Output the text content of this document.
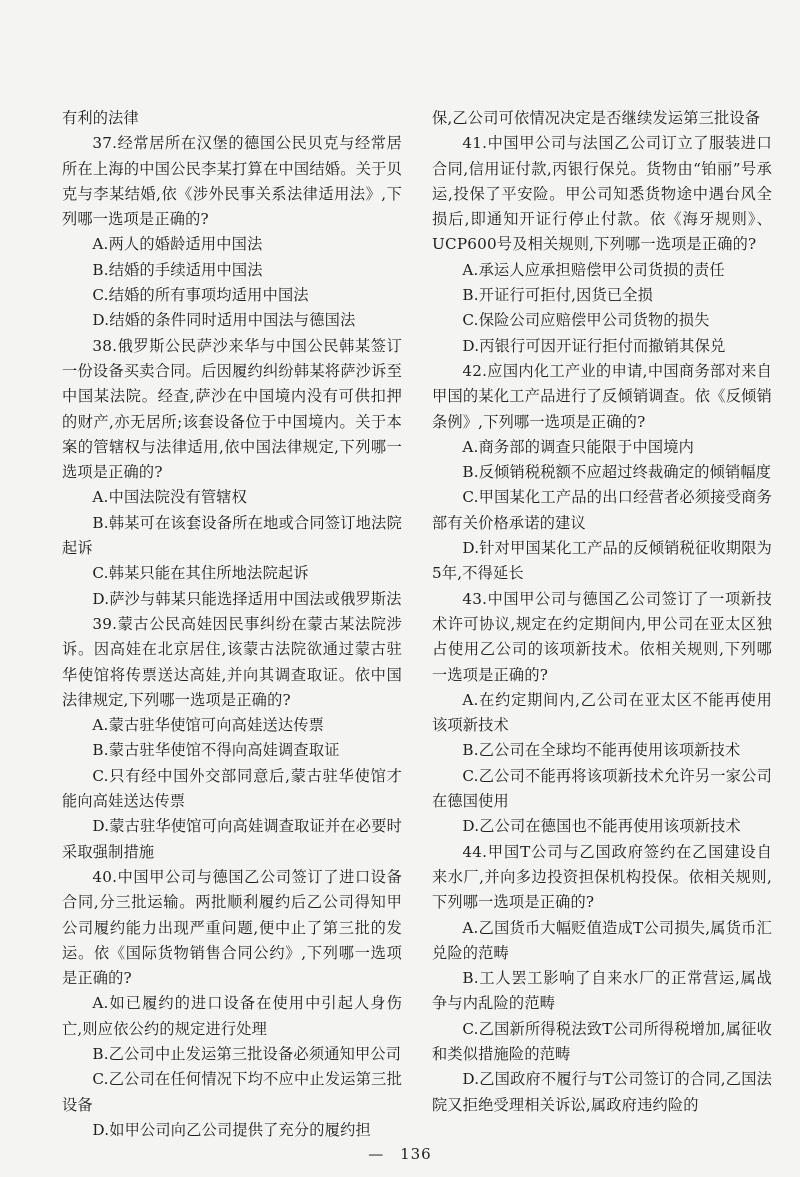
有利的法律

37.经常居所在汉堡的德国公民贝克与经常居所在上海的中国公民李某打算在中国结婚。关于贝克与李某结婚,依《涉外民事关系法律适用法》,下列哪一选项是正确的?

A.两人的婚龄适用中国法

B.结婚的手续适用中国法

C.结婚的所有事项均适用中国法

D.结婚的条件同时适用中国法与德国法

38.俄罗斯公民萨沙来华与中国公民韩某签订一份设备买卖合同。后因履约纠纷韩某将萨沙诉至中国某法院。经查,萨沙在中国境内没有可供扣押的财产,亦无居所;该套设备位于中国境内。关于本案的管辖权与法律适用,依中国法律规定,下列哪一选项是正确的?

A.中国法院没有管辖权

B.韩某可在该套设备所在地或合同签订地法院起诉

C.韩某只能在其住所地法院起诉

D.萨沙与韩某只能选择适用中国法或俄罗斯法

39.蒙古公民高娃因民事纠纷在蒙古某法院涉诉。因高娃在北京居住,该蒙古法院欲通过蒙古驻华使馆将传票送达高娃,并向其调查取证。依中国法律规定,下列哪一选项是正确的?

A.蒙古驻华使馆可向高娃送达传票

B.蒙古驻华使馆不得向高娃调查取证

C.只有经中国外交部同意后,蒙古驻华使馆才能向高娃送达传票

D.蒙古驻华使馆可向高娃调查取证并在必要时采取强制措施

40.中国甲公司与德国乙公司签订了进口设备合同,分三批运输。两批顺利履约后乙公司得知甲公司履约能力出现严重问题,便中止了第三批的发运。依《国际货物销售合同公约》,下列哪一选项是正确的?

A.如已履约的进口设备在使用中引起人身伤亡,则应依公约的规定进行处理

B.乙公司中止发运第三批设备必须通知甲公司

C.乙公司在任何情况下均不应中止发运第三批设备

D.如甲公司向乙公司提供了充分的履约担

保,乙公司可依情况决定是否继续发运第三批设备

41.中国甲公司与法国乙公司订立了服装进口合同,信用证付款,丙银行保兑。货物由“铂丽”号承运,投保了平安险。甲公司知悉货物途中遇台风全损后,即通知开证行停止付款。依《海牙规则》、UCP600号及相关规则,下列哪一选项是正确的?

A.承运人应承担赔偿甲公司货损的责任

B.开证行可拒付,因货已全损

C.保险公司应赔偿甲公司货物的损失

D.丙银行可因开证行拒付而撤销其保兑

42.应国内化工产业的申请,中国商务部对来自甲国的某化工产品进行了反倾销调查。依《反倾销条例》,下列哪一选项是正确的?

A.商务部的调查只能限于中国境内

B.反倾销税税额不应超过终裁确定的倾销幅度

C.甲国某化工产品的出口经营者必须接受商务部有关价格承诺的建议

D.针对甲国某化工产品的反倾销税征收期限为5年,不得延长

43.中国甲公司与德国乙公司签订了一项新技术许可协议,规定在约定期间内,甲公司在亚太区独占使用乙公司的该项新技术。依相关规则,下列哪一选项是正确的?

A.在约定期间内,乙公司在亚太区不能再使用该项新技术

B.乙公司在全球均不能再使用该项新技术

C.乙公司不能再将该项新技术允许另一家公司在德国使用

D.乙公司在德国也不能再使用该项新技术

44.甲国T公司与乙国政府签约在乙国建设自来水厂,并向多边投资担保机构投保。依相关规则,下列哪一选项是正确的?

A.乙国货币大幅贬值造成T公司损失,属货币汇兑险的范畴

B.工人罢工影响了自来水厂的正常营运,属战争与内乱险的范畴

C.乙国新所得税法致T公司所得税增加,属征收和类似措施险的范畴

D.乙国政府不履行与T公司签订的合同,乙国法院又拒绝受理相关诉讼,属政府违约险的

— 136
